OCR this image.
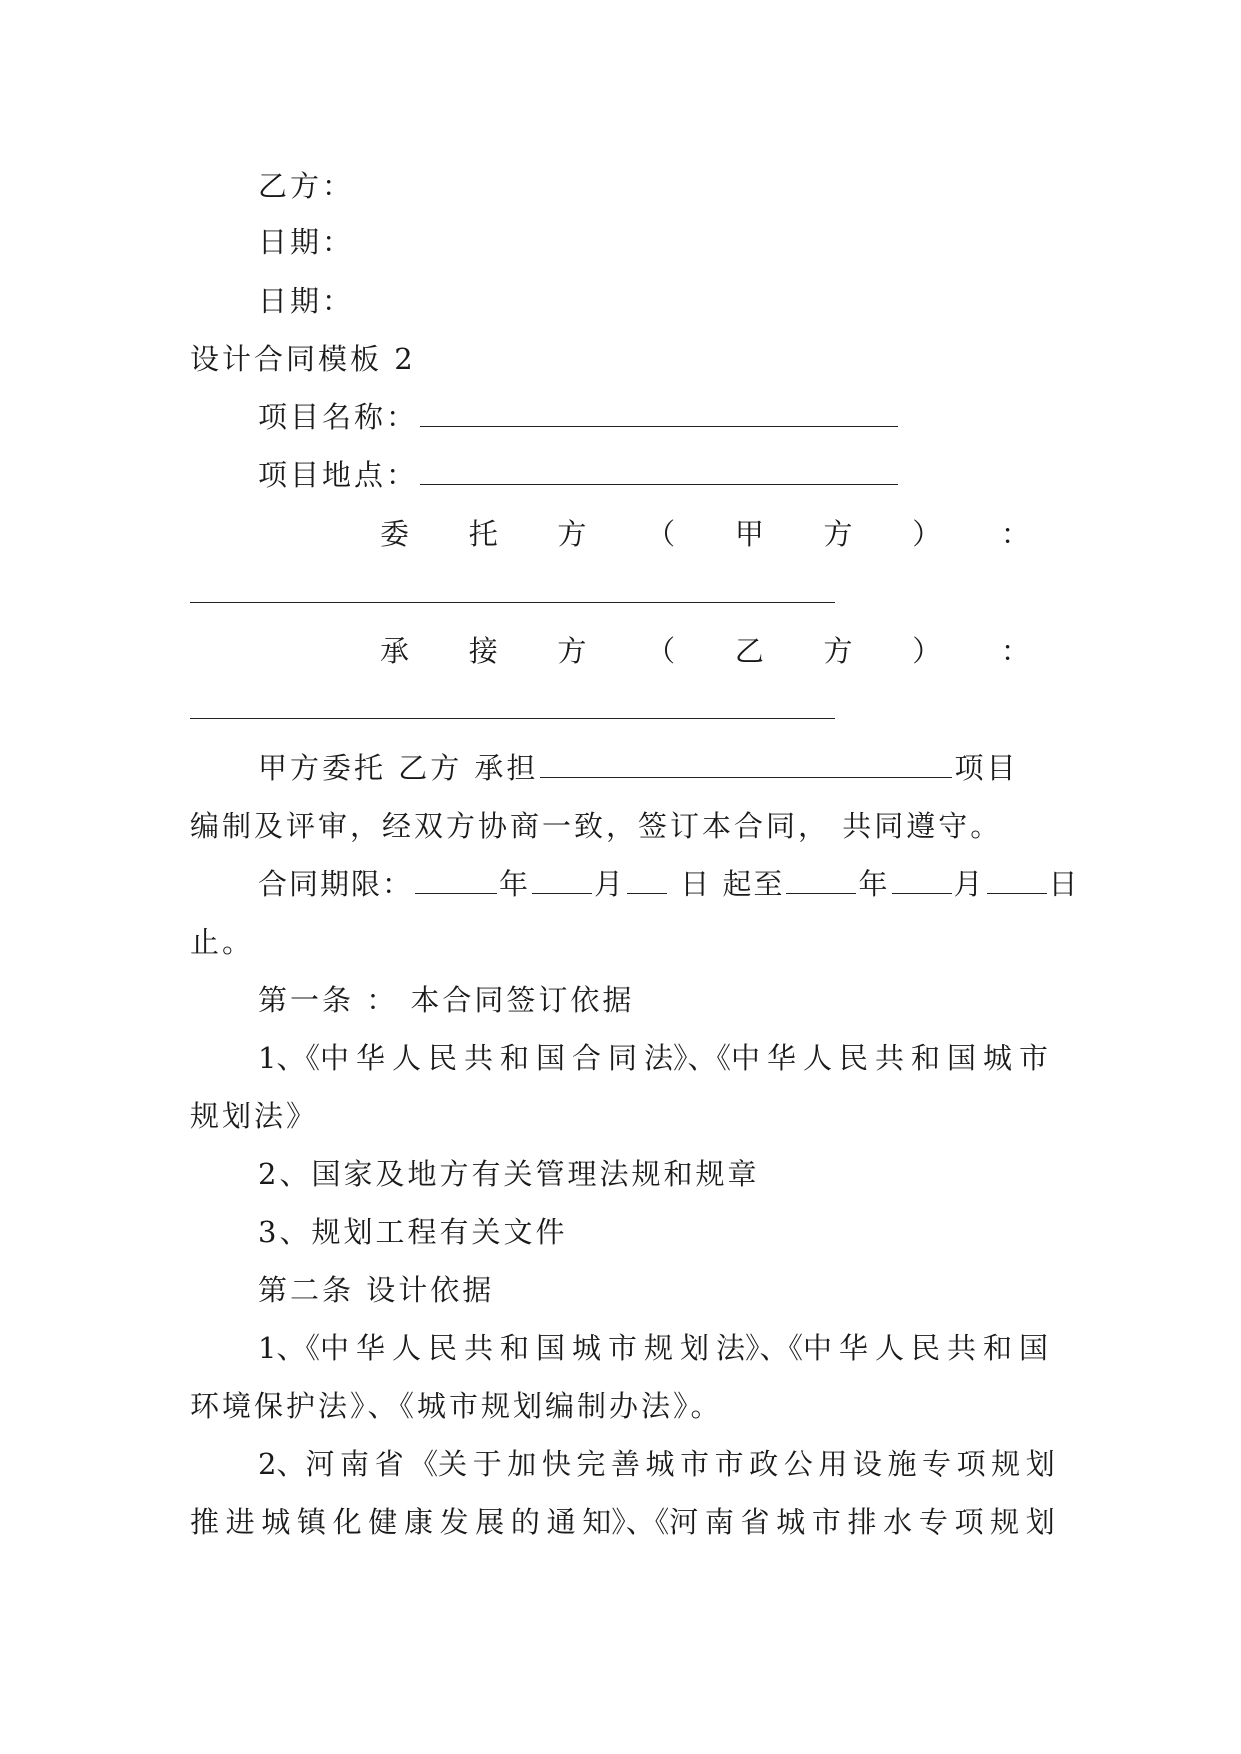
乙方：
日期：
日期：
设计合同模板 2
项目名称：
项目地点：
委 托 方 （ 甲 方 ） ：
承 接 方 （ 乙 方 ） ：
甲方委托 乙方 承担	项目
编制及评审，经双方协商一致，签订本合同， 共同遵守。
合同期限：	年 月 日 起至	年 月 日
止。
第一条 ： 本合同签订依据
1、《中 华 人 民 共 和 国 合 同 法》、《中 华 人 民 共 和 国 城 市
规划法》
2、国家及地方有关管理法规和规章
3、规划工程有关文件
第二条 设计依据
1、《中 华 人 民 共 和 国 城 市 规 划 法》、《中 华 人 民 共 和 国
环境保护法》、《城市规划编制办法》。
2、河 南 省 《关 于 加 快 完 善 城 市 市 政 公 用 设 施 专 项 规 划
推 进 城 镇 化 健 康 发 展 的 通 知》、《河 南 省 城 市 排 水 专 项 规 划
